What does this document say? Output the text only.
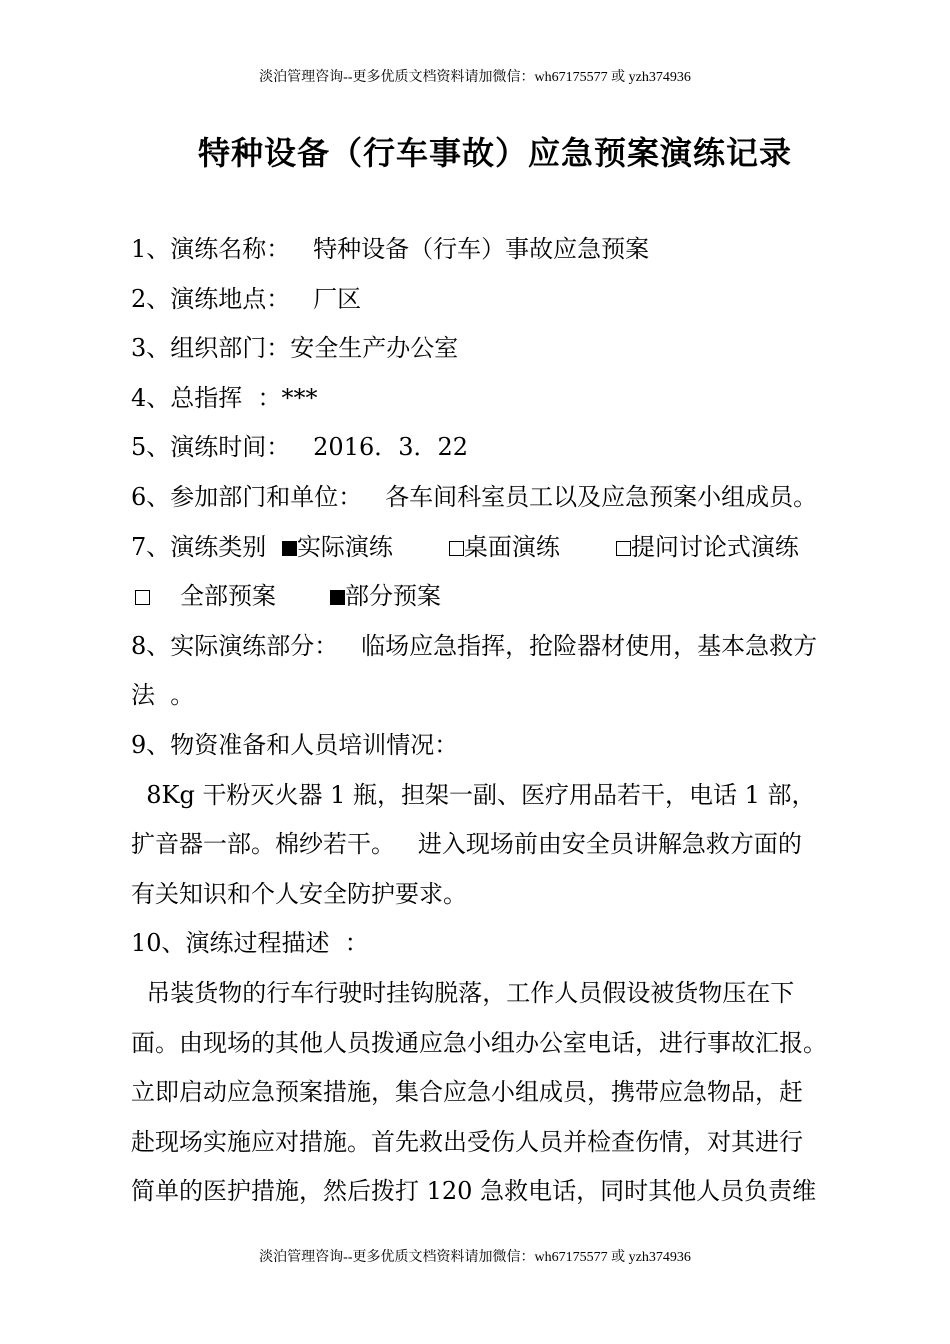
淡泊管理咨询--更多优质文档资料请加微信：wh67175577 或 yzh374936
特种设备（行车事故）应急预案演练记录
1、演练名称：   特种设备（行车）事故应急预案
2、演练地点：   厂区
3、组织部门：安全生产办公室
4、总指挥  ：***
5、演练时间：   2016．3．22
6、参加部门和单位：   各车间科室员工以及应急预案小组成员。
7、演练类别 实际演练	桌面演练	提问讨论式演练
全部预案	部分预案
8、实际演练部分：   临场应急指挥，抢险器材使用，基本急救方
法  。
9、物资准备和人员培训情况：
8Kg 干粉灭火器 1 瓶，担架一副、医疗用品若干，电话 1 部，
扩音器一部。棉纱若干。   进入现场前由安全员讲解急救方面的
有关知识和个人安全防护要求。
10、演练过程描述  ：
吊装货物的行车行驶时挂钩脱落，工作人员假设被货物压在下
面。由现场的其他人员拨通应急小组办公室电话，进行事故汇报。
立即启动应急预案措施，集合应急小组成员，携带应急物品，赶
赴现场实施应对措施。首先救出受伤人员并检查伤情，对其进行
简单的医护措施，然后拨打 120 急救电话，同时其他人员负责维
淡泊管理咨询--更多优质文档资料请加微信：wh67175577 或 yzh374936
